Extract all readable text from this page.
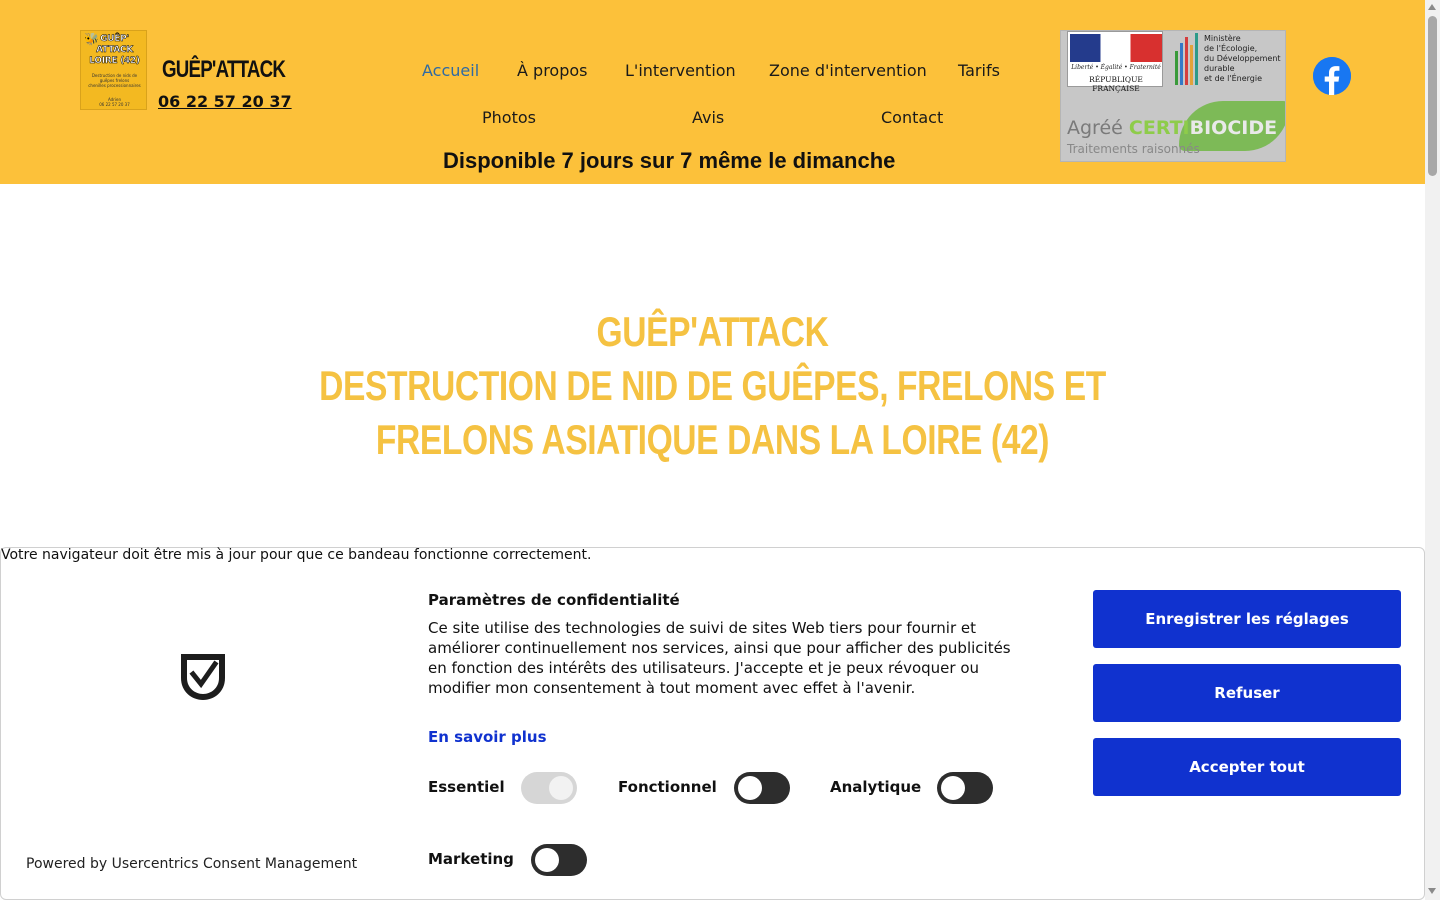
🐝 GUÊP' ATTACK LOIRE (42)
Destruction de nids de
guêpes frelons
chenilles processionnaires
Adrien
06 22 57 20 37
GUÊP'ATTACK
06 22 57 20 37
Accueil À propos L'intervention Zone d'intervention Tarifs
Photos	Avis	Contact
Disponible 7 jours sur 7 même le dimanche
Liberté • Égalité • Fraternité
RÉPUBLIQUE FRANÇAISE
Ministère
de l'Écologie,
du Développement
durable
et de l'Énergie
Agréé CERTIBIOCIDE
Traitements raisonnés
GUÊP'ATTACK
DESTRUCTION DE NID DE GUÊPES, FRELONS ET
FRELONS ASIATIQUE DANS LA LOIRE (42)
Powered by Usercentrics Consent Management
Paramètres de confidentialité
Ce site utilise des technologies de suivi de sites Web tiers pour fournir et améliorer continuellement nos services, ainsi que pour afficher des publicités en fonction des intérêts des utilisateurs. J'accepte et je peux révoquer ou modifier mon consentement à tout moment avec effet à l'avenir.
En savoir plus
Essentiel	Fonctionnel	Analytique
Marketing
Enregistrer les réglages
Refuser
Accepter tout
Votre navigateur doit être mis à jour pour que ce bandeau fonctionne correctement.
